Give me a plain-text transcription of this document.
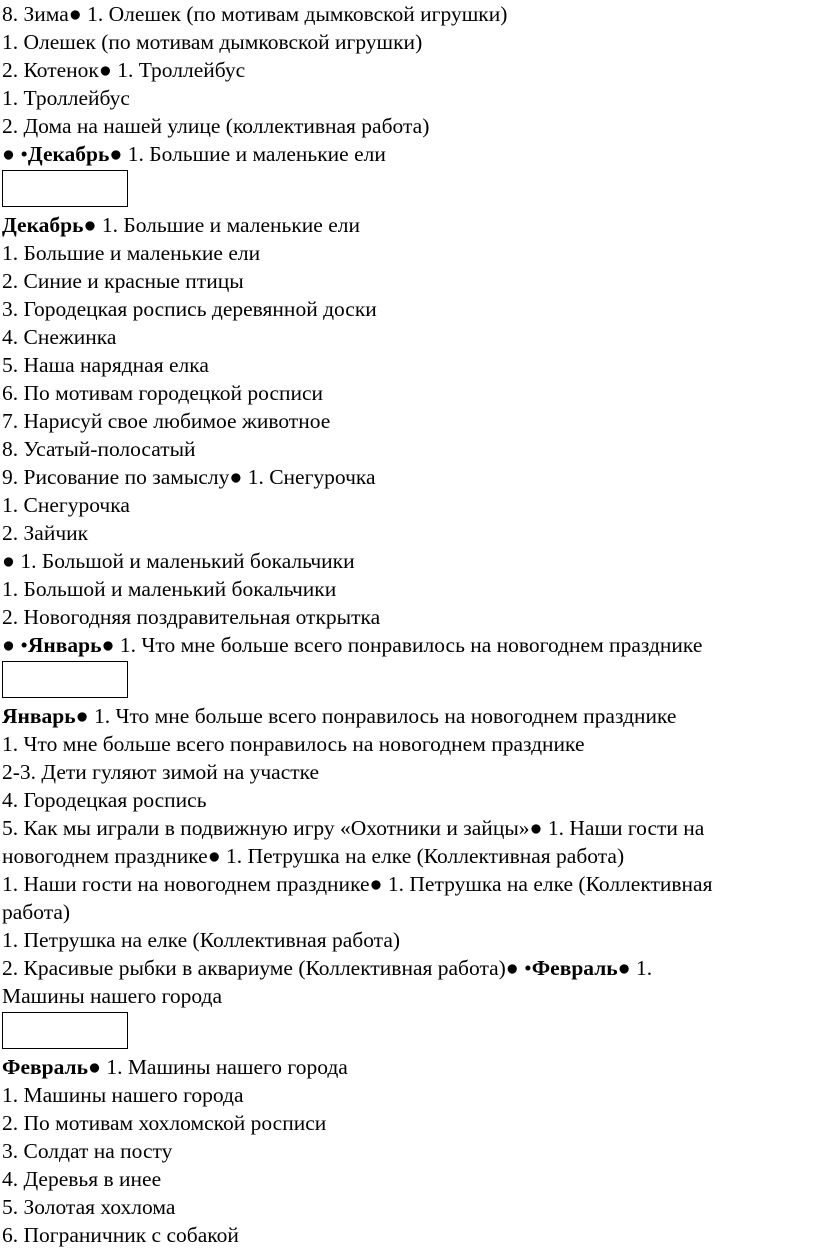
8. Зима● 1. Олешек (по мотивам дымковской игрушки)
1. Олешек (по мотивам дымковской игрушки)
2. Котенок● 1. Троллейбус
1. Троллейбус
2. Дома на нашей улице (коллективная работа)
● •Декабрь● 1. Большие и маленькие ели
Декабрь● 1. Большие и маленькие ели
1. Большие и маленькие ели
2. Синие и красные птицы
3. Городецкая роспись деревянной доски
4. Снежинка
5. Наша нарядная елка
6. По мотивам городецкой росписи
7. Нарисуй свое любимое животное
8. Усатый-полосатый
9. Рисование по замыслу● 1. Снегурочка
1. Снегурочка
2. Зайчик
● 1. Большой и маленький бокальчики
1. Большой и маленький бокальчики
2. Новогодняя поздравительная открытка
● •Январь● 1. Что мне больше всего понравилось на новогоднем празднике
Январь● 1. Что мне больше всего понравилось на новогоднем празднике
1. Что мне больше всего понравилось на новогоднем празднике
2-3. Дети гуляют зимой на участке
4. Городецкая роспись
5. Как мы играли в подвижную игру «Охотники и зайцы»● 1. Наши гости на
новогоднем празднике● 1. Петрушка на елке (Коллективная работа)
1. Наши гости на новогоднем празднике● 1. Петрушка на елке (Коллективная
работа)
1. Петрушка на елке (Коллективная работа)
2. Красивые рыбки в аквариуме (Коллективная работа)● •Февраль● 1.
Машины нашего города
Февраль● 1. Машины нашего города
1. Машины нашего города
2. По мотивам хохломской росписи
3. Солдат на посту
4. Деревья в инее
5. Золотая хохлома
6. Пограничник с собакой
